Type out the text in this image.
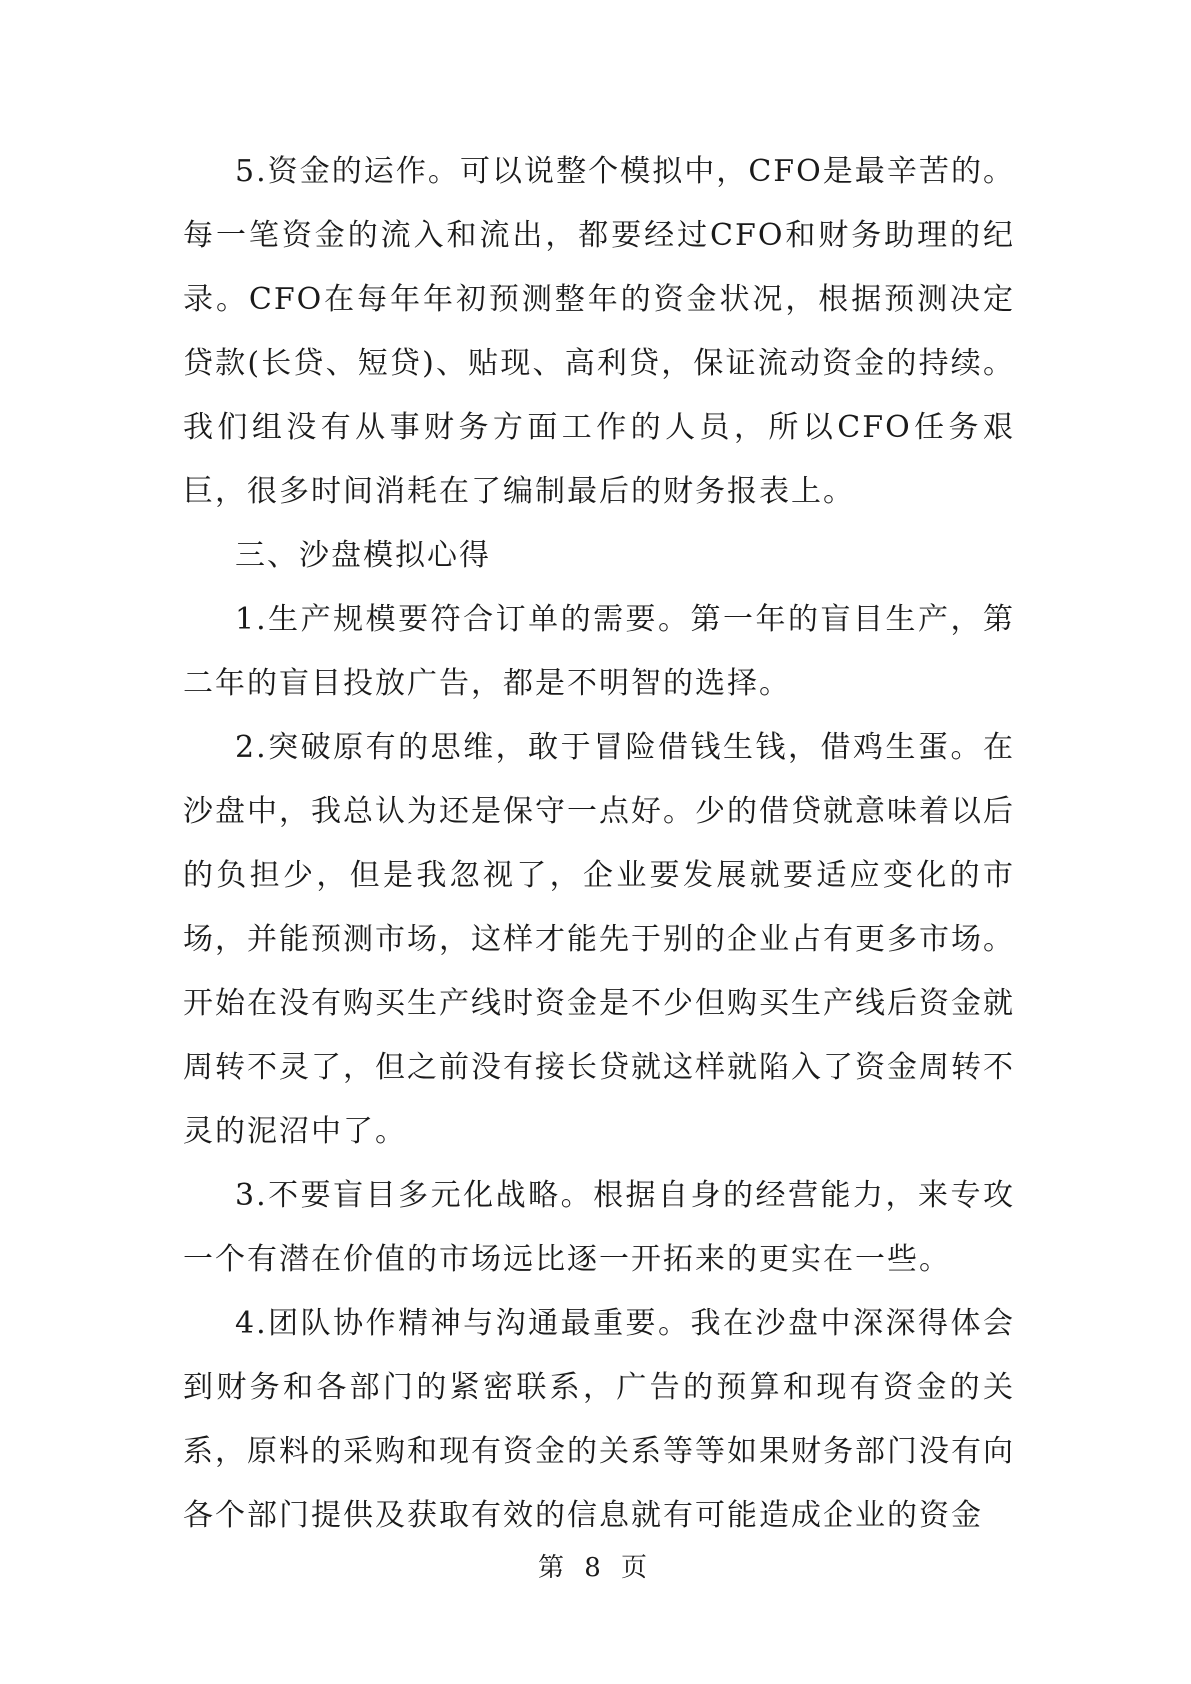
5.资金的运作。可以说整个模拟中，CFO是最辛苦的。每一笔资金的流入和流出，都要经过CFO和财务助理的纪录。CFO在每年年初预测整年的资金状况，根据预测决定贷款(长贷、短贷)、贴现、高利贷，保证流动资金的持续。我们组没有从事财务方面工作的人员，所以CFO任务艰巨，很多时间消耗在了编制最后的财务报表上。

三、沙盘模拟心得

1.生产规模要符合订单的需要。第一年的盲目生产，第二年的盲目投放广告，都是不明智的选择。

2.突破原有的思维，敢于冒险借钱生钱，借鸡生蛋。在沙盘中，我总认为还是保守一点好。少的借贷就意味着以后的负担少，但是我忽视了，企业要发展就要适应变化的市场，并能预测市场，这样才能先于别的企业占有更多市场。开始在没有购买生产线时资金是不少但购买生产线后资金就周转不灵了，但之前没有接长贷就这样就陷入了资金周转不灵的泥沼中了。

3.不要盲目多元化战略。根据自身的经营能力，来专攻一个有潜在价值的市场远比逐一开拓来的更实在一些。

4.团队协作精神与沟通最重要。我在沙盘中深深得体会到财务和各部门的紧密联系，广告的预算和现有资金的关系，原料的采购和现有资金的关系等等如果财务部门没有向各个部门提供及获取有效的信息就有可能造成企业的资金

第 8 页
